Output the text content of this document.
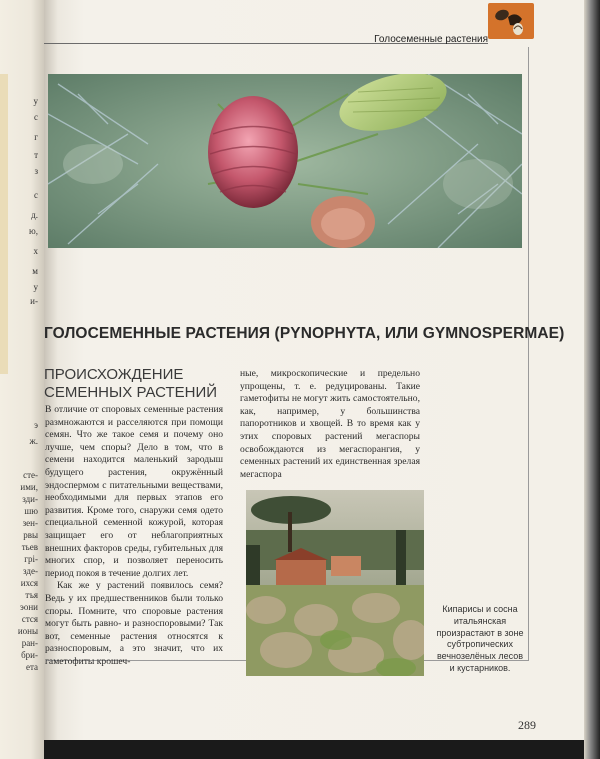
у
с
г
т
з
с
д.
ю,
х
м
у
и-
э
ж.
сте-
ими,
зди-
шю
зен-
рвы
тьев
грі-
зде-
ихся
тъя
эони
стся
ионы
ран-
бри-
ета
Голосеменные растения
ГОЛОСЕМЕННЫЕ РАСТЕНИЯ (PYNOPHYTA, ИЛИ GYMNOSPERMAE)
ПРОИСХОЖДЕНИЕ
СЕМЕННЫХ РАСТЕНИЙ

В отличие от споровых семенные растения размножаются и расселяются при помощи семян. Что же такое семя и почему оно лучше, чем споры? Дело в том, что в семени находится маленький зародыш будущего растения, окружённый эндоспермом с питательными веществами, необходимыми для первых этапов его развития. Кроме того, снаружи семя одето специальной семенной кожурой, которая защищает его от неблагоприятных внешних факторов среды, губительных для многих спор, и позволяет переносить период покоя в течение долгих лет.

Как же у растений появилось семя? Ведь у их предшественников были только споры. Помните, что споровые растения могут быть равно- и разноспоровыми? Так вот, семенные растения относятся к разноспоровым, а это значит, что их гаметофиты крошеч-

ные, микроскопические и предельно упрощены, т. е. редуцированы. Такие гаметофиты не могут жить самостоятельно, как, например, у большинства папоротников и хвощей. В то время как у этих споровых растений мегаспоры освобождаются из мегаспорангия, у семенных растений их единственная зрелая мегаспора

Кипарисы и сосна итальянская произрастают в зоне субтропических вечнозелёных лесов и кустарников.
289
